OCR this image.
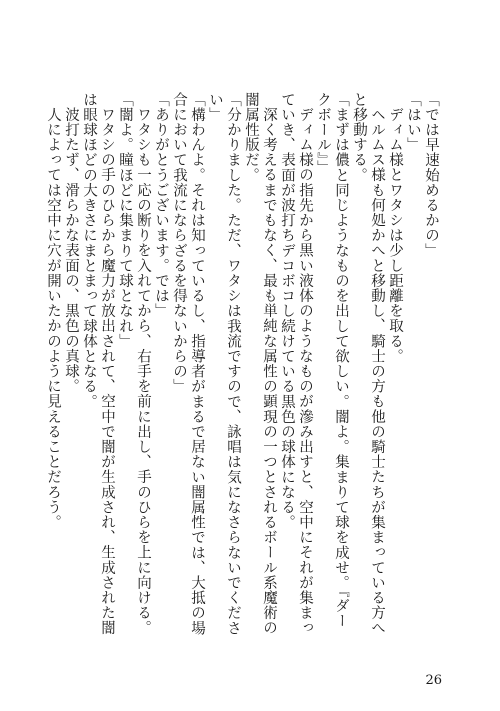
「では早速始めるかの」

「はい」

ディム様とワタシは少し距離を取る。

ヘルムス様も何処かへと移動し、騎士の方も他の騎士たちが集まっている方へと移動する。

「まずは儂と同じようなものを出して欲しい。闇よ。集まりて球を成せ。『ダークボール』」

ディム様の指先から黒い液体のようなものが滲み出すと、空中にそれが集まっていき、表面が波打ちデコボコし続けている黒色の球体になる。

深く考えるまでもなく、最も単純な属性の顕現の一つとされるボール系魔術の闇属性版だ。

「分かりました。ただ、ワタシは我流ですので、詠唱は気になさらないでください」

「構わんよ。それは知っているし、指導者がまるで居ない闇属性では、大抵の場合において我流にならざるを得ないからの」

「ありがとうございます。では」

ワタシも一応の断りを入れてから、右手を前に出し、手のひらを上に向ける。

「闇よ。瞳ほどに集まりて球となれ」

ワタシの手のひらから魔力が放出されて、空中で闇が生成され、生成された闇は眼球ほどの大きさにまとまって球体となる。

波打たず、滑らかな表面の、黒色の真球。

人によっては空中に穴が開いたかのように見えることだろう。

26
